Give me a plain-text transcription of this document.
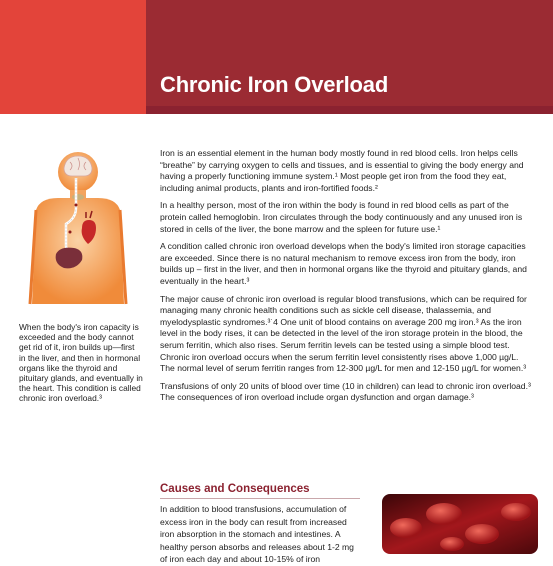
Chronic Iron Overload
When the body's iron capacity is exceeded and the body cannot get rid of it, iron builds up—first in the liver, and then in hormonal organs like the thyroid and pituitary glands, and eventually in the heart. This condition is called chronic iron overload.³

Iron is an essential element in the human body mostly found in red blood cells. Iron helps cells “breathe” by carrying oxygen to cells and tissues, and is essential to giving the body energy and having a properly functioning immune system.¹ Most people get iron from the food they eat, including animal products, plants and iron-fortified foods.²

In a healthy person, most of the iron within the body is found in red blood cells as part of the protein called hemoglobin. Iron circulates through the body continuously and any unused iron is stored in cells of the liver, the bone marrow and the spleen for future use.¹

A condition called chronic iron overload develops when the body's limited iron storage capacities are exceeded. Since there is no natural mechanism to remove excess iron from the body, iron builds up – first in the liver, and then in hormonal organs like the thyroid and pituitary glands, and eventually in the heart.³

The major cause of chronic iron overload is regular blood transfusions, which can be required for managing many chronic health conditions such as sickle cell disease, thalassemia, and myelodysplastic syndromes.³˙4 One unit of blood contains on average 200 mg iron.³ As the iron level in the body rises, it can be detected in the level of the iron storage protein in the blood, the serum ferritin, which also rises. Serum ferritin levels can be tested using a simple blood test. Chronic iron overload occurs when the serum ferritin level consistently rises above 1,000 µg/L. The normal level of serum ferritin ranges from 12-300 µg/L for men and 12-150 µg/L for women.³

Transfusions of only 20 units of blood over time (10 in children) can lead to chronic iron overload.³ The consequences of iron overload include organ dysfunction and organ damage.³

Causes and Consequences
In addition to blood transfusions, accumulation of excess iron in the body can result from increased iron absorption in the stomach and intestines. A healthy person absorbs and releases about 1-2 mg of iron each day and about 10-15% of iron
